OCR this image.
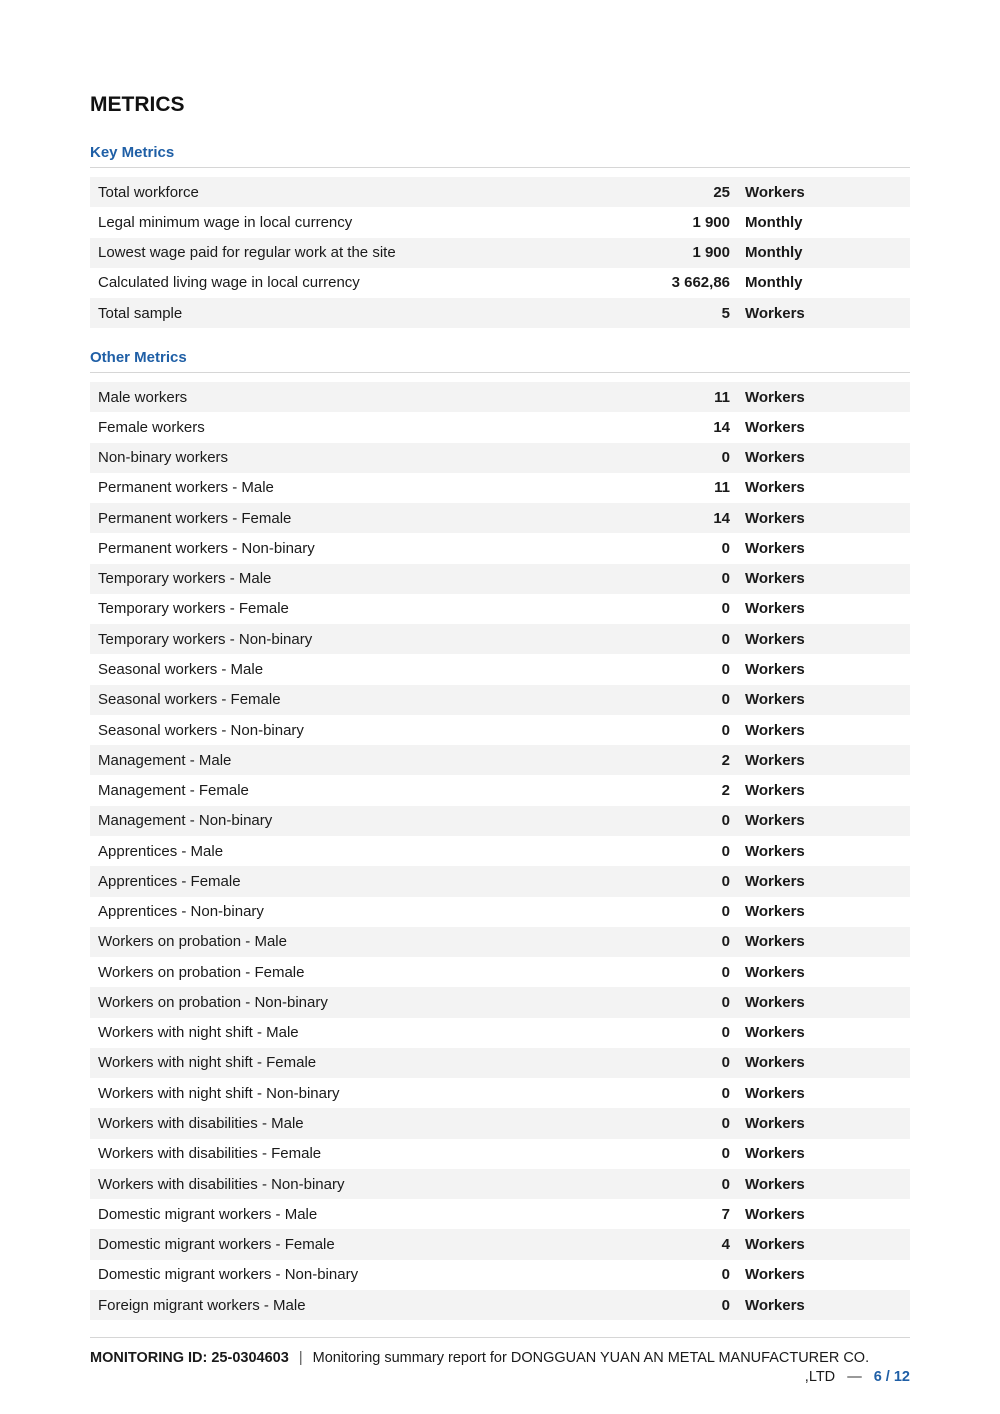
METRICS
Key Metrics
Total workforce	25	Workers
Legal minimum wage in local currency	1 900	Monthly
Lowest wage paid for regular work at the site	1 900	Monthly
Calculated living wage in local currency	3 662,86	Monthly
Total sample	5	Workers
Other Metrics
Male workers	11	Workers
Female workers	14	Workers
Non-binary workers	0	Workers
Permanent workers - Male	11	Workers
Permanent workers - Female	14	Workers
Permanent workers - Non-binary	0	Workers
Temporary workers - Male	0	Workers
Temporary workers - Female	0	Workers
Temporary workers - Non-binary	0	Workers
Seasonal workers - Male	0	Workers
Seasonal workers - Female	0	Workers
Seasonal workers - Non-binary	0	Workers
Management - Male	2	Workers
Management - Female	2	Workers
Management - Non-binary	0	Workers
Apprentices - Male	0	Workers
Apprentices - Female	0	Workers
Apprentices - Non-binary	0	Workers
Workers on probation - Male	0	Workers
Workers on probation - Female	0	Workers
Workers on probation - Non-binary	0	Workers
Workers with night shift - Male	0	Workers
Workers with night shift - Female	0	Workers
Workers with night shift - Non-binary	0	Workers
Workers with disabilities - Male	0	Workers
Workers with disabilities - Female	0	Workers
Workers with disabilities - Non-binary	0	Workers
Domestic migrant workers - Male	7	Workers
Domestic migrant workers - Female	4	Workers
Domestic migrant workers - Non-binary	0	Workers
Foreign migrant workers - Male	0	Workers
MONITORING ID: 25-0304603 | Monitoring summary report for DONGGUAN YUAN AN METAL MANUFACTURER CO.
,LTD — 6 / 12
